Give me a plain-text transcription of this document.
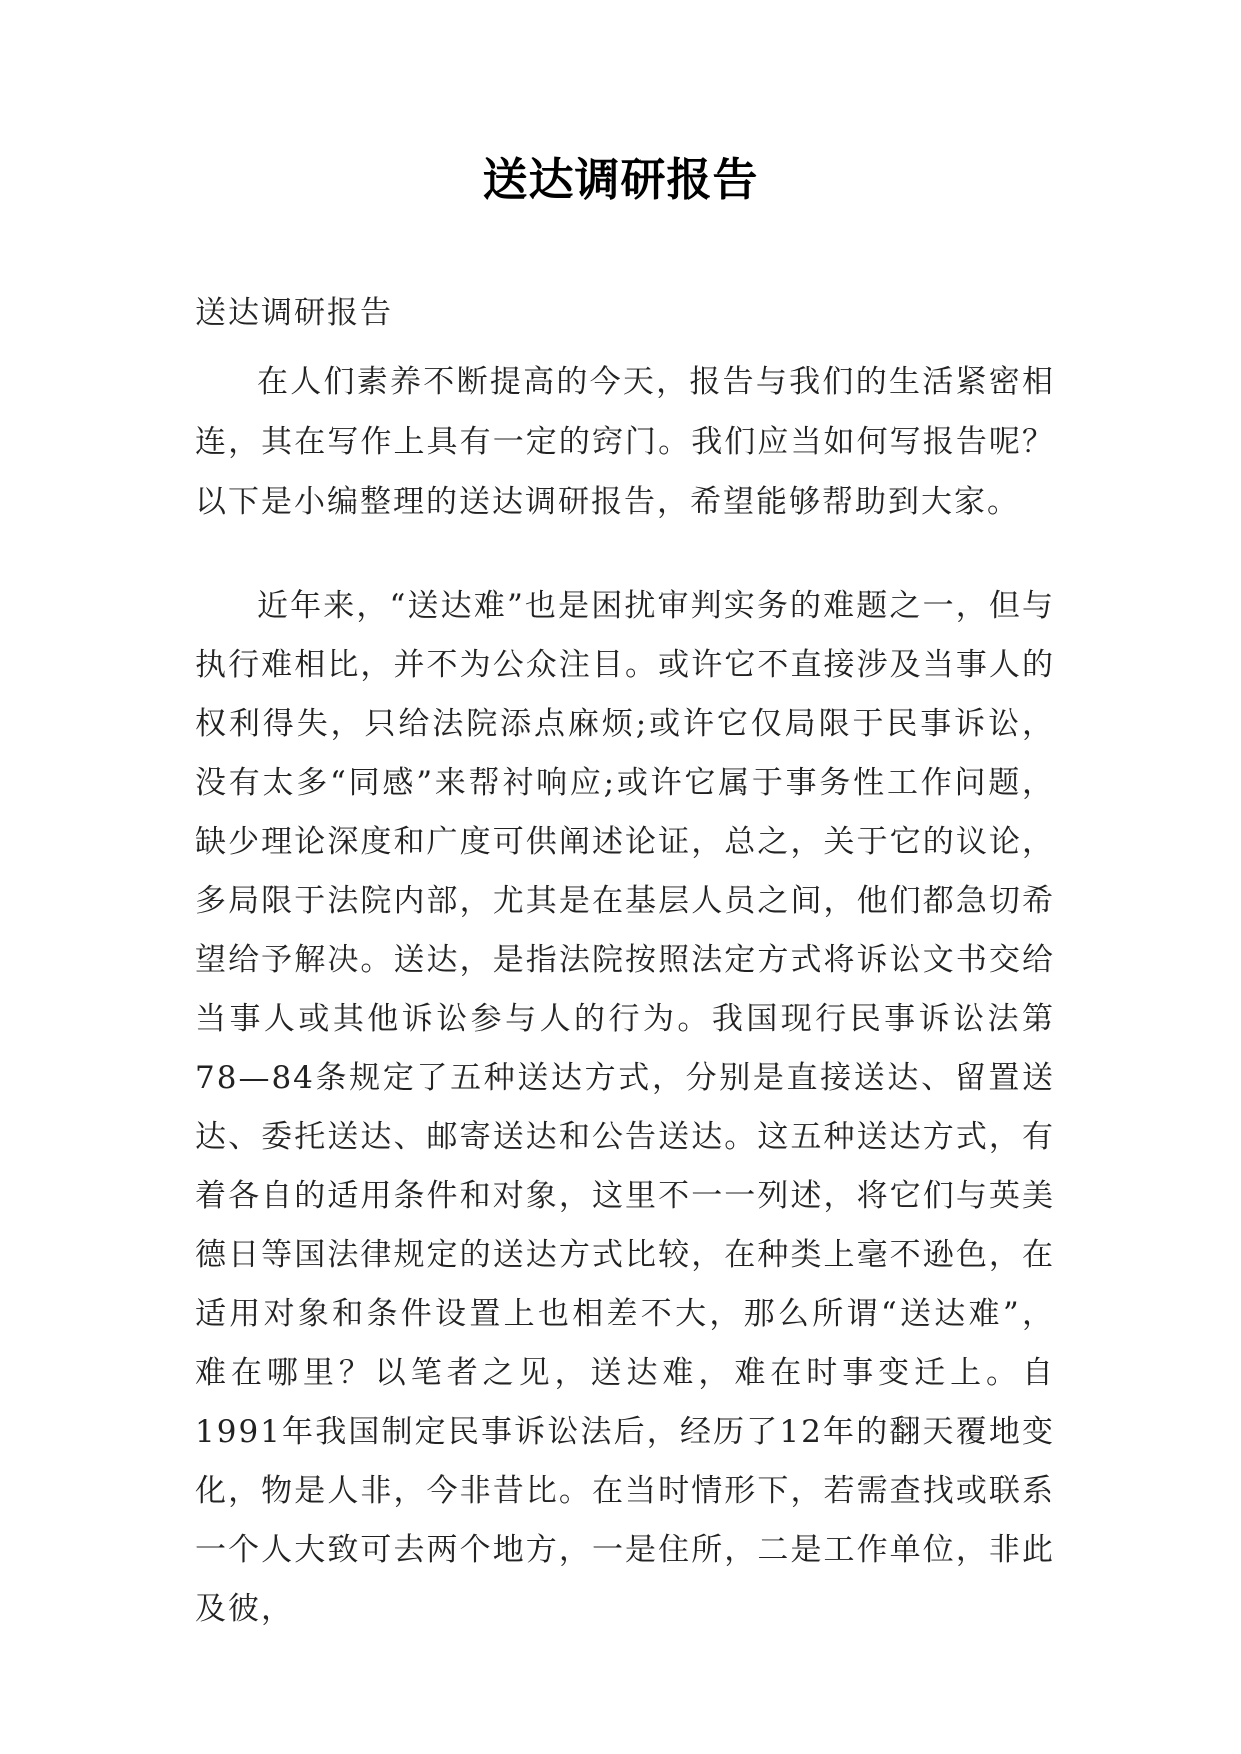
送达调研报告
送达调研报告

在人们素养不断提高的今天，报告与我们的生活紧密相连，其在写作上具有一定的窍门。我们应当如何写报告呢？以下是小编整理的送达调研报告，希望能够帮助到大家。

近年来，“送达难”也是困扰审判实务的难题之一，但与执行难相比，并不为公众注目。或许它不直接涉及当事人的权利得失，只给法院添点麻烦;或许它仅局限于民事诉讼，没有太多“同感”来帮衬响应;或许它属于事务性工作问题，缺少理论深度和广度可供阐述论证，总之，关于它的议论，多局限于法院内部，尤其是在基层人员之间，他们都急切希望给予解决。送达，是指法院按照法定方式将诉讼文书交给当事人或其他诉讼参与人的行为。我国现行民事诉讼法第78—84条规定了五种送达方式，分别是直接送达、留置送达、委托送达、邮寄送达和公告送达。这五种送达方式，有着各自的适用条件和对象，这里不一一列述，将它们与英美德日等国法律规定的送达方式比较，在种类上毫不逊色，在适用对象和条件设置上也相差不大，那么所谓“送达难”，难在哪里？以笔者之见，送达难，难在时事变迁上。自1991年我国制定民事诉讼法后，经历了12年的翻天覆地变化，物是人非，今非昔比。在当时情形下，若需查找或联系一个人大致可去两个地方，一是住所，二是工作单位，非此及彼，
